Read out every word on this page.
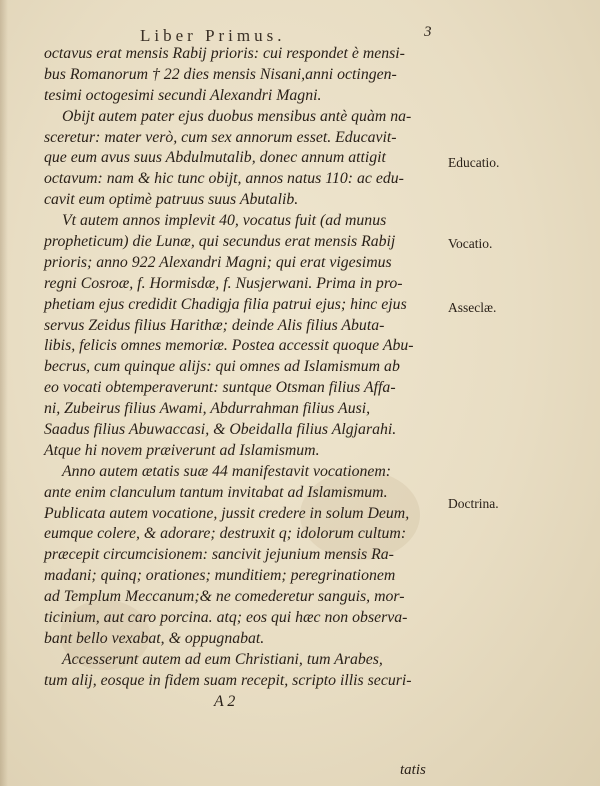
Liber Primus.	3
octavus erat mensis Rabij prioris: cui respondet è mensi-
bus Romanorum † 22 dies mensis Nisani,anni octingen-
tesimi octogesimi secundi Alexandri Magni.
Obijt autem pater ejus duobus mensibus antè quàm na-
sceretur: mater verò, cum sex annorum esset. Educavit-
que eum avus suus Abdulmutalib, donec annum attigit
octavum: nam & hic tunc obijt, annos natus 110: ac edu-
cavit eum optimè patruus suus Abutalib.
Vt autem annos implevit 40, vocatus fuit (ad munus
propheticum) die Lunæ, qui secundus erat mensis Rabij
prioris; anno 922 Alexandri Magni; qui erat vigesimus
regni Cosroæ, f. Hormisdæ, f. Nusjerwani. Prima in pro-
phetiam ejus credidit Chadigja filia patrui ejus; hinc ejus
servus Zeidus filius Harithæ; deinde Alis filius Abuta-
libis, felicis omnes memoriæ. Postea accessit quoque Abu-
becrus, cum quinque alijs: qui omnes ad Islamismum ab
eo vocati obtemperaverunt: suntque Otsman filius Affa-
ni, Zubeirus filius Awami, Abdurrahman filius Ausi,
Saadus filius Abuwaccasi, & Obeidalla filius Algjarahi.
Atque hi novem præiverunt ad Islamismum.
Anno autem ætatis suæ 44 manifestavit vocationem:
ante enim clanculum tantum invitabat ad Islamismum.
Publicata autem vocatione, jussit credere in solum Deum,
eumque colere, & adorare; destruxit q; idolorum cultum:
præcepit circumcisionem: sancivit jejunium mensis Ra-
madani; quinq; orationes; munditiem; peregrinationem
ad Templum Meccanum;& ne comederetur sanguis, mor-
ticinium, aut caro porcina. atq; eos qui hæc non observa-
bant bello vexabat, & oppugnabat.
Accesserunt autem ad eum Christiani, tum Arabes,
tum alij, eosque in fidem suam recepit, scripto illis securi-
A 2
Educatio.
Vocatio.
Asseclæ.
Doctrina.
tatis
